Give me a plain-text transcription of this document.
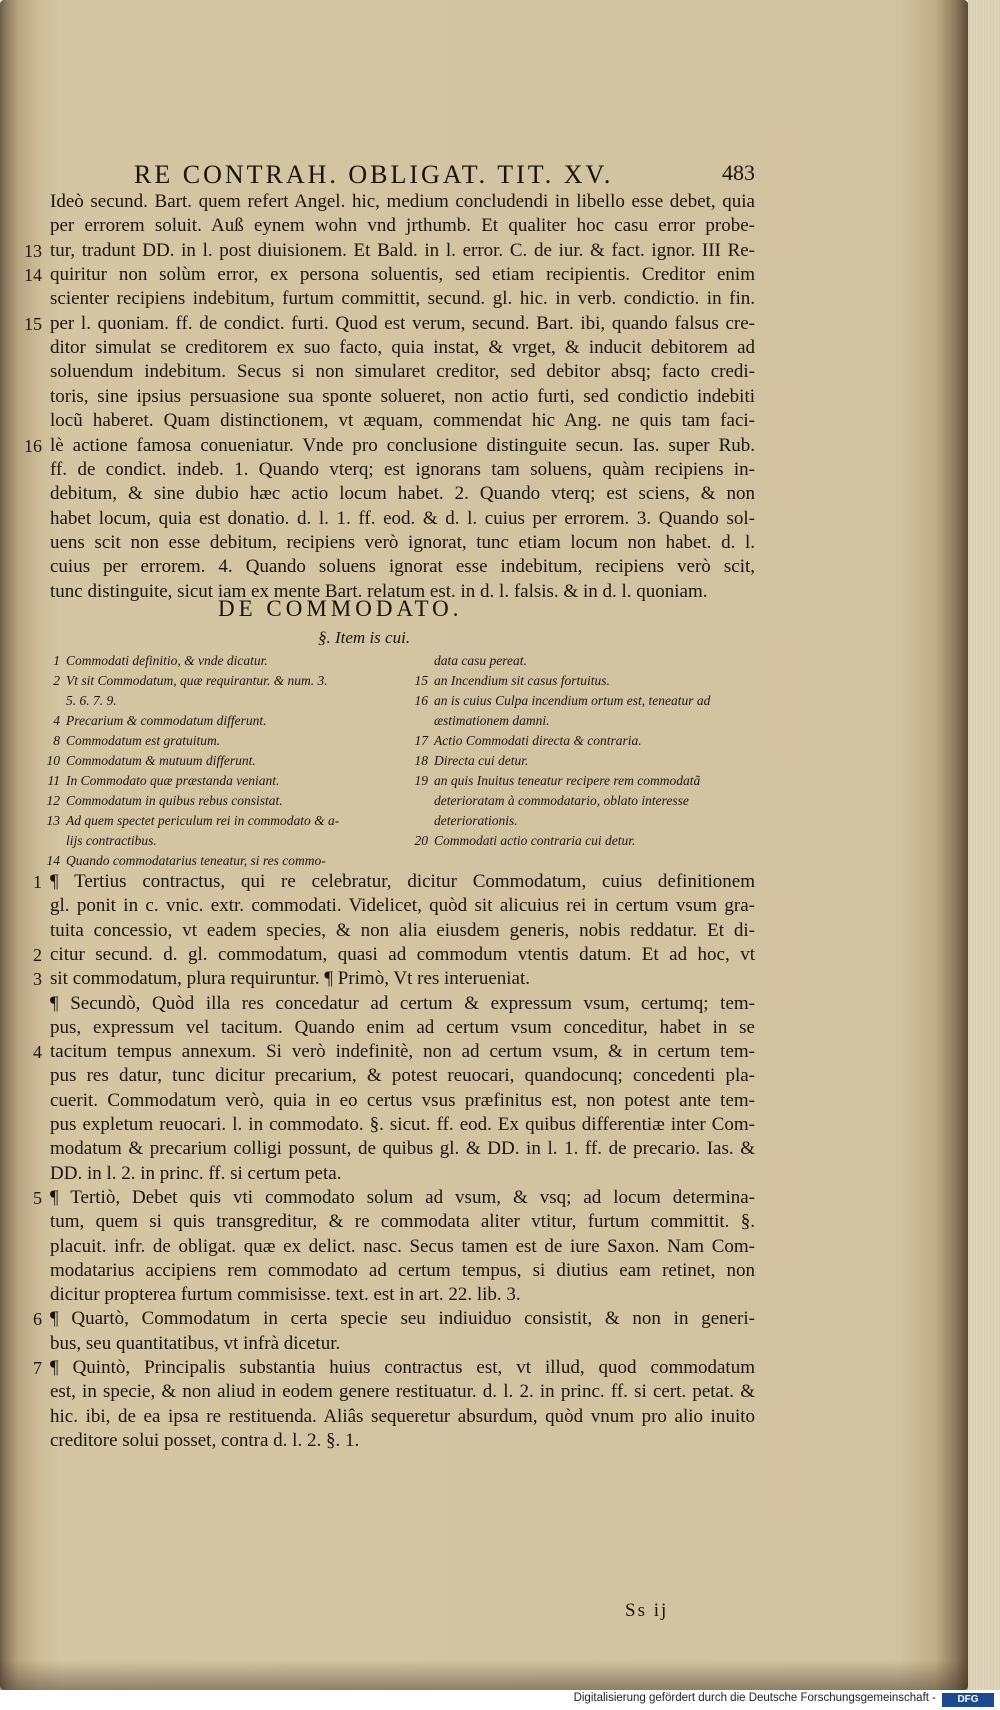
RE CONTRAH. OBLIGAT. TIT. XV.	483
Ideò secund. Bart. quem refert Angel. hic, medium concludendi in libello esse debet, quia
per errorem soluit. Auß eynem wohn vnd jrthumb. Et qualiter hoc casu error probe-
tur, tradunt DD. in l. post diuisionem. Et Bald. in l. error. C. de iur. & fact. ignor. III Re-
quiritur non solùm error, ex persona soluentis, sed etiam recipientis. Creditor enim
scienter recipiens indebitum, furtum committit, secund. gl. hic. in verb. condictio. in fin.
per l. quoniam. ff. de condict. furti. Quod est verum, secund. Bart. ibi, quando falsus cre-
ditor simulat se creditorem ex suo facto, quia instat, & vrget, & inducit debitorem ad
soluendum indebitum. Secus si non simularet creditor, sed debitor absq; facto credi-
toris, sine ipsius persuasione sua sponte solueret, non actio furti, sed condictio indebiti
locũ haberet. Quam distinctionem, vt æquam, commendat hic Ang. ne quis tam faci-
lè actione famosa conueniatur. Vnde pro conclusione distinguite secun. Ias. super Rub.
ff. de condict. indeb. 1. Quando vterq; est ignorans tam soluens, quàm recipiens in-
debitum, & sine dubio hæc actio locum habet. 2. Quando vterq; est sciens, & non
habet locum, quia est donatio. d. l. 1. ff. eod. & d. l. cuius per errorem. 3. Quando sol-
uens scit non esse debitum, recipiens verò ignorat, tunc etiam locum non habet. d. l.
cuius per errorem. 4. Quando soluens ignorat esse indebitum, recipiens verò scit,
tunc distinguite, sicut iam ex mente Bart. relatum est. in d. l. falsis. & in d. l. quoniam.
13
14
15
16
DE COMMODATO.
§. Item is cui.
1 Commodati definitio, & vnde dicatur.
2 Vt sit Commodatum, quæ requirantur. & num. 3.
5. 6. 7. 9.
4 Precarium & commodatum differunt.
8 Commodatum est gratuitum.
10 Commodatum & mutuum differunt.
11 In Commodato quæ præstanda veniant.
12 Commodatum in quibus rebus consistat.
13 Ad quem spectet periculum rei in commodato & a-
lijs contractibus.
14 Quando commodatarius teneatur, si res commo-
data casu pereat.
15 an Incendium sit casus fortuitus.
16 an is cuius Culpa incendium ortum est, teneatur ad
æstimationem damni.
17 Actio Commodati directa & contraria.
18 Directa cui detur.
19 an quis Inuitus teneatur recipere rem commodatã
deterioratam à commodatario, oblato interesse
deteriorationis.
20 Commodati actio contraria cui detur.
¶ Tertius contractus, qui re celebratur, dicitur Commodatum, cuius definitionem
gl. ponit in c. vnic. extr. commodati. Videlicet, quòd sit alicuius rei in certum vsum gra-
tuita concessio, vt eadem species, & non alia eiusdem generis, nobis reddatur. Et di-
citur secund. d. gl. commodatum, quasi ad commodum vtentis datum. Et ad hoc, vt
sit commodatum, plura requiruntur. ¶ Primò, Vt res interueniat.
¶ Secundò, Quòd illa res concedatur ad certum & expressum vsum, certumq; tem-
pus, expressum vel tacitum. Quando enim ad certum vsum conceditur, habet in se
tacitum tempus annexum. Si verò indefinitè, non ad certum vsum, & in certum tem-
pus res datur, tunc dicitur precarium, & potest reuocari, quandocunq; concedenti pla-
cuerit. Commodatum verò, quia in eo certus vsus præfinitus est, non potest ante tem-
pus expletum reuocari. l. in commodato. §. sicut. ff. eod. Ex quibus differentiæ inter Com-
modatum & precarium colligi possunt, de quibus gl. & DD. in l. 1. ff. de precario. Ias. &
DD. in l. 2. in princ. ff. si certum peta.
¶ Tertiò, Debet quis vti commodato solum ad vsum, & vsq; ad locum determina-
tum, quem si quis transgreditur, & re commodata aliter vtitur, furtum committit. §.
placuit. infr. de obligat. quæ ex delict. nasc. Secus tamen est de iure Saxon. Nam Com-
modatarius accipiens rem commodato ad certum tempus, si diutius eam retinet, non
dicitur propterea furtum commisisse. text. est in art. 22. lib. 3.
¶ Quartò, Commodatum in certa specie seu indiuiduo consistit, & non in generi-
bus, seu quantitatibus, vt infrà dicetur.
¶ Quintò, Principalis substantia huius contractus est, vt illud, quod commodatum
est, in specie, & non aliud in eodem genere restituatur. d. l. 2. in princ. ff. si cert. petat. &
hic. ibi, de ea ipsa re restituenda. Aliâs sequeretur absurdum, quòd vnum pro alio inuito
creditore solui posset, contra d. l. 2. §. 1.
1
2
3
4
5
6
7
Ss ij
Digitalisierung gefördert durch die Deutsche Forschungsgemeinschaft -	DFG
